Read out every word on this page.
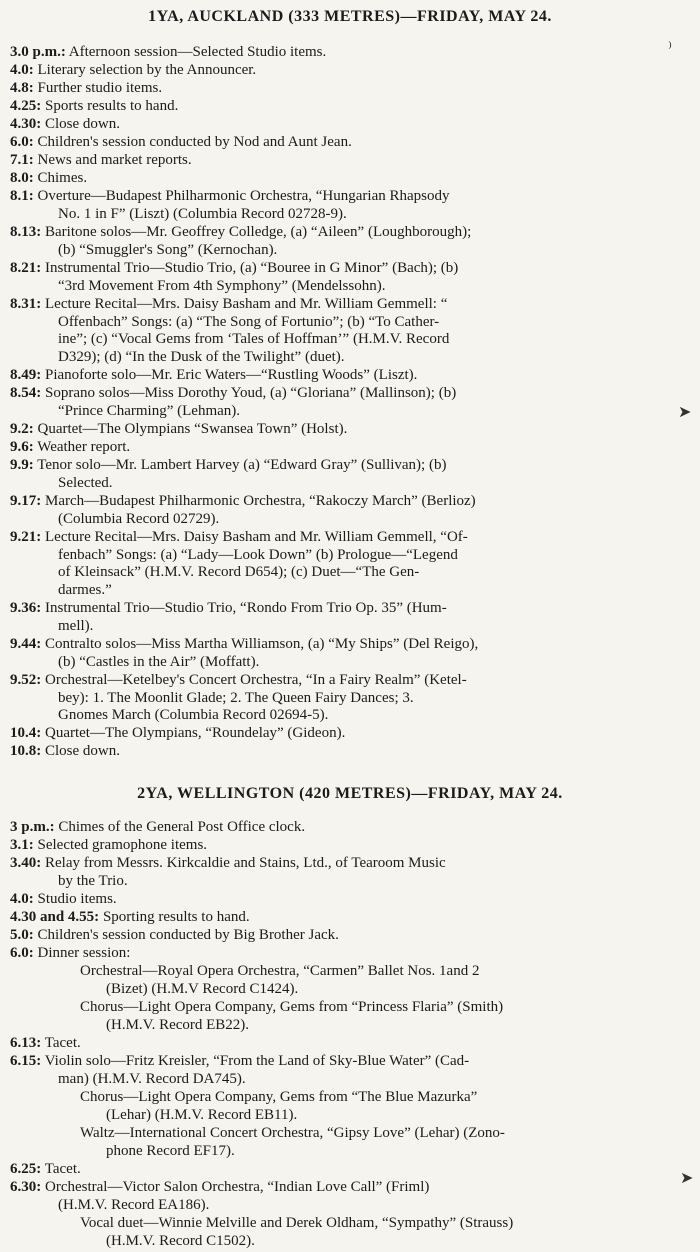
1YA, AUCKLAND (333 METRES)—FRIDAY, MAY 24.
3.0 p.m.: Afternoon session—Selected Studio items.
4.0: Literary selection by the Announcer.
4.8: Further studio items.
4.25: Sports results to hand.
4.30: Close down.
6.0: Children's session conducted by Nod and Aunt Jean.
7.1: News and market reports.
8.0: Chimes.
8.1: Overture—Budapest Philharmonic Orchestra, “Hungarian Rhapsody
No. 1 in F” (Liszt) (Columbia Record 02728-9).
8.13: Baritone solos—Mr. Geoffrey Colledge, (a) “Aileen” (Loughborough);
(b) “Smuggler's Song” (Kernochan).
8.21: Instrumental Trio—Studio Trio, (a) “Bouree in G Minor” (Bach); (b)
“3rd Movement From 4th Symphony” (Mendelssohn).
8.31: Lecture Recital—Mrs. Daisy Basham and Mr. William Gemmell: “
Offenbach” Songs: (a) “The Song of Fortunio”; (b) “To Cather-
ine”; (c) “Vocal Gems from ‘Tales of Hoffman’” (H.M.V. Record
D329); (d) “In the Dusk of the Twilight” (duet).
8.49: Pianoforte solo—Mr. Eric Waters—“Rustling Woods” (Liszt).
8.54: Soprano solos—Miss Dorothy Youd, (a) “Gloriana” (Mallinson); (b)
“Prince Charming” (Lehman).
9.2: Quartet—The Olympians “Swansea Town” (Holst).
9.6: Weather report.
9.9: Tenor solo—Mr. Lambert Harvey (a) “Edward Gray” (Sullivan); (b)
Selected.
9.17: March—Budapest Philharmonic Orchestra, “Rakoczy March” (Berlioz)
(Columbia Record 02729).
9.21: Lecture Recital—Mrs. Daisy Basham and Mr. William Gemmell, “Of-
fenbach” Songs: (a) “Lady—Look Down” (b) Prologue—“Legend
of Kleinsack” (H.M.V. Record D654); (c) Duet—“The Gen-
darmes.”
9.36: Instrumental Trio—Studio Trio, “Rondo From Trio Op. 35” (Hum-
mell).
9.44: Contralto solos—Miss Martha Williamson, (a) “My Ships” (Del Reigo),
(b) “Castles in the Air” (Moffatt).
9.52: Orchestral—Ketelbey's Concert Orchestra, “In a Fairy Realm” (Ketel-
bey): 1. The Moonlit Glade; 2. The Queen Fairy Dances; 3.
Gnomes March (Columbia Record 02694-5).
10.4: Quartet—The Olympians, “Roundelay” (Gideon).
10.8: Close down.
2YA, WELLINGTON (420 METRES)—FRIDAY, MAY 24.
3 p.m.: Chimes of the General Post Office clock.
3.1: Selected gramophone items.
3.40: Relay from Messrs. Kirkcaldie and Stains, Ltd., of Tearoom Music
by the Trio.
4.0: Studio items.
4.30 and 4.55: Sporting results to hand.
5.0: Children's session conducted by Big Brother Jack.
6.0: Dinner session:
Orchestral—Royal Opera Orchestra, “Carmen” Ballet Nos. 1and 2
(Bizet) (H.M.V Record C1424).
Chorus—Light Opera Company, Gems from “Princess Flaria” (Smith)
(H.M.V. Record EB22).
6.13: Tacet.
6.15: Violin solo—Fritz Kreisler, “From the Land of Sky-Blue Water” (Cad-
man) (H.M.V. Record DA745).
Chorus—Light Opera Company, Gems from “The Blue Mazurka”
(Lehar) (H.M.V. Record EB11).
Waltz—International Concert Orchestra, “Gipsy Love” (Lehar) (Zono-
phone Record EF17).
6.25: Tacet.
6.30: Orchestral—Victor Salon Orchestra, “Indian Love Call” (Friml)
(H.M.V. Record EA186).
Vocal duet—Winnie Melville and Derek Oldham, “Sympathy” (Strauss)
(H.M.V. Record C1502).
⁾
➤
➤
